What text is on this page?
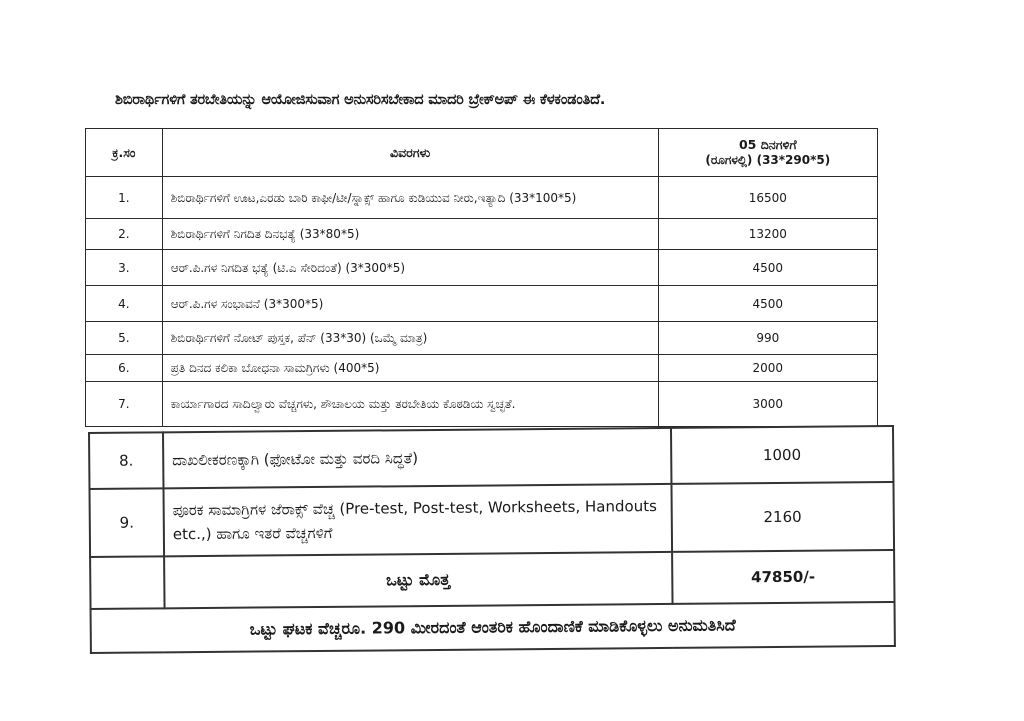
ಶಿಬಿರಾರ್ಥಿಗಳಿಗೆ ತರಬೇತಿಯನ್ನು ಆಯೋಜಿಸುವಾಗ ಅನುಸರಿಸಬೇಕಾದ ಮಾದರಿ ಬ್ರೇಕ್‌ಅಪ್ ಈ ಕೆಳಕಂಡಂತಿದೆ.
ಕ್ರ.ಸಂ	ವಿವರಗಳು	05 ದಿನಗಳಿಗೆ
(ರೂಗಳಲ್ಲಿ) (33*290*5)

1.	ಶಿಬಿರಾರ್ಥಿಗಳಿಗೆ ಊಟ,ಎರಡು ಬಾರಿ ಕಾಫೀ/ಟೀ/ಸ್ನಾಕ್ಸ್ ಹಾಗೂ ಕುಡಿಯುವ ನೀರು,ಇತ್ಯಾದಿ (33*100*5)	16500
2.	ಶಿಬಿರಾರ್ಥಿಗಳಿಗೆ ನಿಗದಿತ ದಿನಭತ್ಯೆ (33*80*5)	13200
3.	ಆರ್.ಪಿ.ಗಳ ನಿಗದಿತ ಭತ್ಯೆ (ಟಿ.ಎ ಸೇರಿದಂತೆ) (3*300*5)	4500
4.	ಆರ್.ಪಿ.ಗಳ ಸಂಭಾವನೆ (3*300*5)	4500
5.	ಶಿಬಿರಾರ್ಥಿಗಳಿಗೆ ನೋಟ್ ಪುಸ್ತಕ, ಪೆನ್ (33*30) (ಒಮ್ಮೆ ಮಾತ್ರ)	990
6.	ಪ್ರತಿ ದಿನದ ಕಲಿಕಾ ಬೋಧನಾ ಸಾಮಗ್ರಿಗಳು (400*5)	2000
7.	ಕಾರ್ಯಾಗಾರದ ಸಾದಿಲ್ವಾರು ವೆಚ್ಚಗಳು, ಶೌಚಾಲಯ ಮತ್ತು ತರಬೇತಿಯ ಕೊಠಡಿಯ ಸ್ವಚ್ಛತೆ.	3000
8.	ದಾಖಲೀಕರಣಕ್ಕಾಗಿ (ಫೋಟೋ ಮತ್ತು ವರದಿ ಸಿದ್ಧತೆ)	1000
9.	ಪೂರಕ ಸಾಮಾಗ್ರಿಗಳ ಜೆರಾಕ್ಸ್ ವೆಚ್ಚ (Pre-test, Post-test, Worksheets, Handouts etc.,) ಹಾಗೂ ಇತರೆ ವೆಚ್ಚಗಳಿಗೆ	2160
	ಒಟ್ಟು ಮೊತ್ತ	47850/-
ಒಟ್ಟು ಘಟಕ ವೆಚ್ಚರೂ. 290 ಮೀರದಂತೆ ಆಂತರಿಕ ಹೊಂದಾಣಿಕೆ ಮಾಡಿಕೊಳ್ಳಲು ಅನುಮತಿಸಿದೆ		
